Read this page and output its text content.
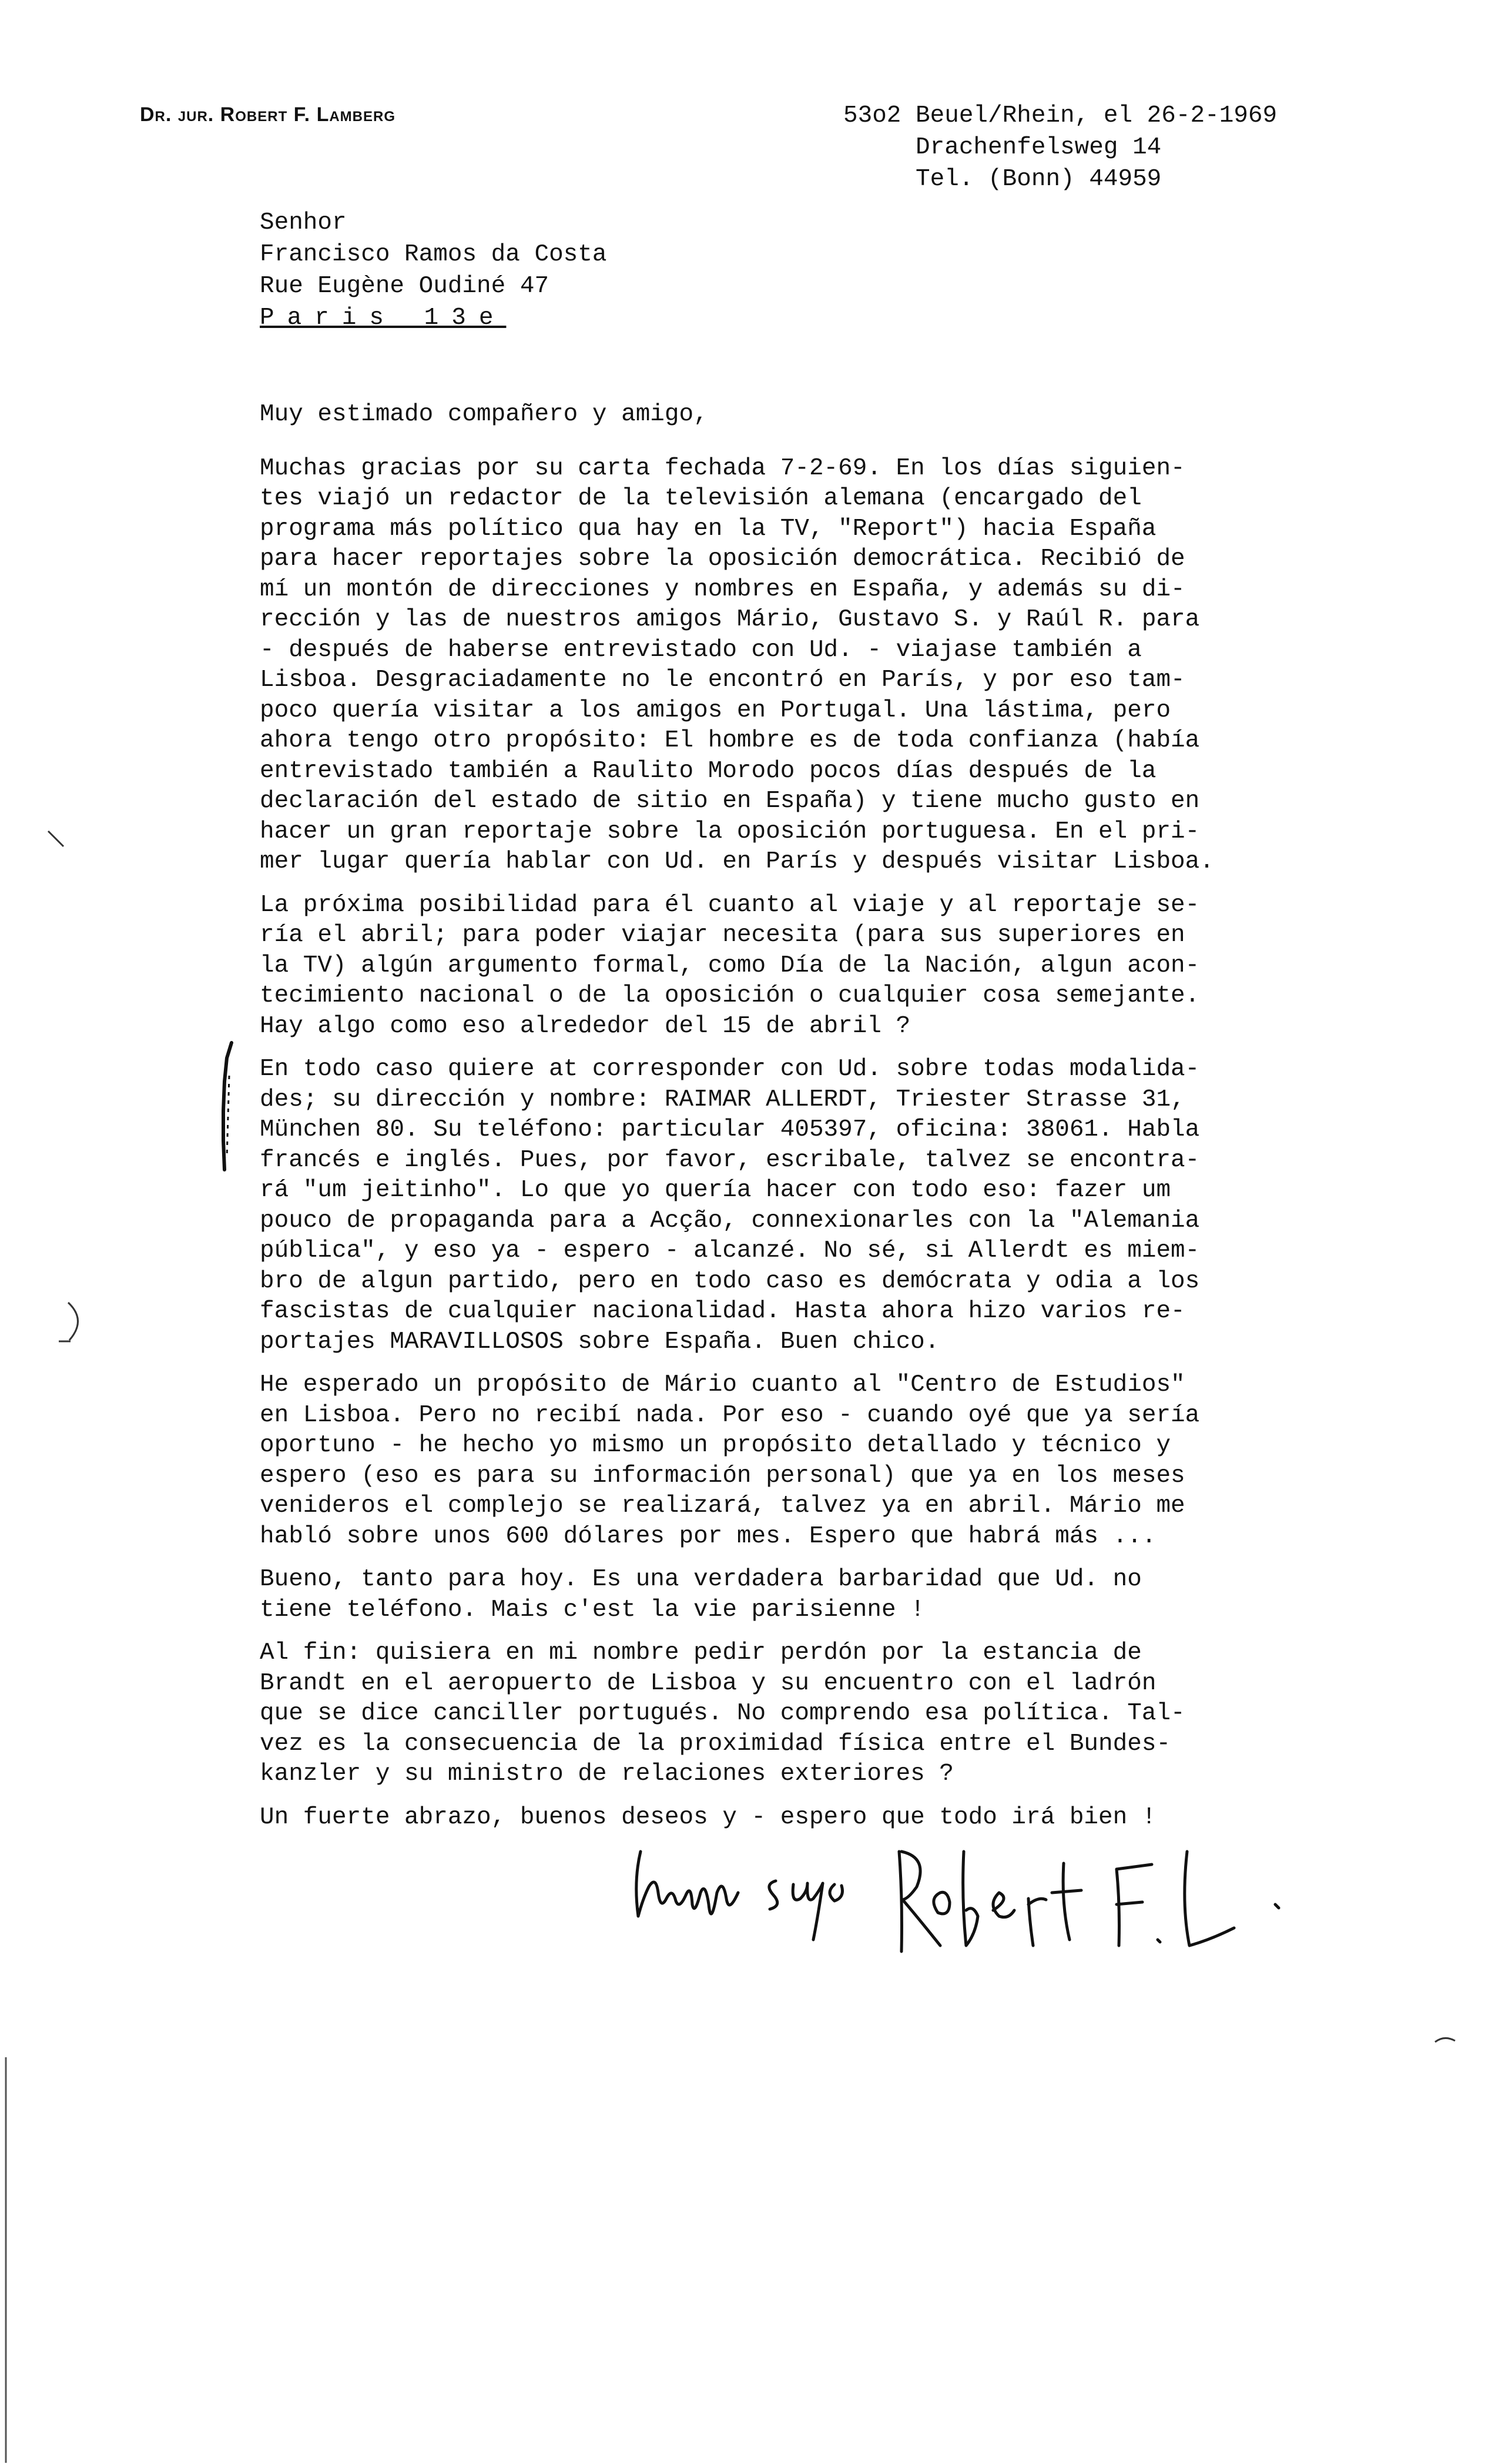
Dr. jur. Robert F. Lamberg	53o2 Beuel/Rhein, el 26-2-1969
Drachenfelsweg 14
Tel. (Bonn) 44959
Senhor
Francisco Ramos da Costa
Rue Eugène Oudiné 47
Paris 13e

Muy estimado compañero y amigo,

Muchas gracias por su carta fechada 7-2-69. En los días siguien-
tes viajó un redactor de la televisión alemana (encargado del
programa más político qua hay en la TV, "Report") hacia España
para hacer reportajes sobre la oposición democrática. Recibió de
mí un montón de direcciones y nombres en España, y además su di-
rección y las de nuestros amigos Mário, Gustavo S. y Raúl R. para
- después de haberse entrevistado con Ud. - viajase también a
Lisboa. Desgraciadamente no le encontró en París, y por eso tam-
poco quería visitar a los amigos en Portugal. Una lástima, pero
ahora tengo otro propósito: El hombre es de toda confianza (había
entrevistado también a Raulito Morodo pocos días después de la
declaración del estado de sitio en España) y tiene mucho gusto en
hacer un gran reportaje sobre la oposición portuguesa. En el pri-
mer lugar quería hablar con Ud. en París y después visitar Lisboa.

La próxima posibilidad para él cuanto al viaje y al reportaje se-
ría el abril; para poder viajar necesita (para sus superiores en
la TV) algún argumento formal, como Día de la Nación, algun acon-
tecimiento nacional o de la oposición o cualquier cosa semejante.
Hay algo como eso alrededor del 15 de abril ?

En todo caso quiere at corresponder con Ud. sobre todas modalida-
des; su dirección y nombre: RAIMAR ALLERDT, Triester Strasse 31,
München 80. Su teléfono: particular 405397, oficina: 38061. Habla
francés e inglés. Pues, por favor, escribale, talvez se encontra-
rá "um jeitinho". Lo que yo quería hacer con todo eso: fazer um
pouco de propaganda para a Acção, connexionarles con la "Alemania
pública", y eso ya - espero - alcanzé. No sé, si Allerdt es miem-
bro de algun partido, pero en todo caso es demócrata y odia a los
fascistas de cualquier nacionalidad. Hasta ahora hizo varios re-
portajes MARAVILLOSOS sobre España. Buen chico.

He esperado un propósito de Mário cuanto al "Centro de Estudios"
en Lisboa. Pero no recibí nada. Por eso - cuando oyé que ya sería
oportuno - he hecho yo mismo un propósito detallado y técnico y
espero (eso es para su información personal) que ya en los meses
venideros el complejo se realizará, talvez ya en abril. Mário me
habló sobre unos 600 dólares por mes. Espero que habrá más ...

Bueno, tanto para hoy. Es una verdadera barbaridad que Ud. no
tiene teléfono. Mais c'est la vie parisienne !

Al fin: quisiera en mi nombre pedir perdón por la estancia de
Brandt en el aeropuerto de Lisboa y su encuentro con el ladrón
que se dice canciller portugués. No comprendo esa política. Tal-
vez es la consecuencia de la proximidad física entre el Bundes-
kanzler y su ministro de relaciones exteriores ?

Un fuerte abrazo, buenos deseos y - espero que todo irá bien !
